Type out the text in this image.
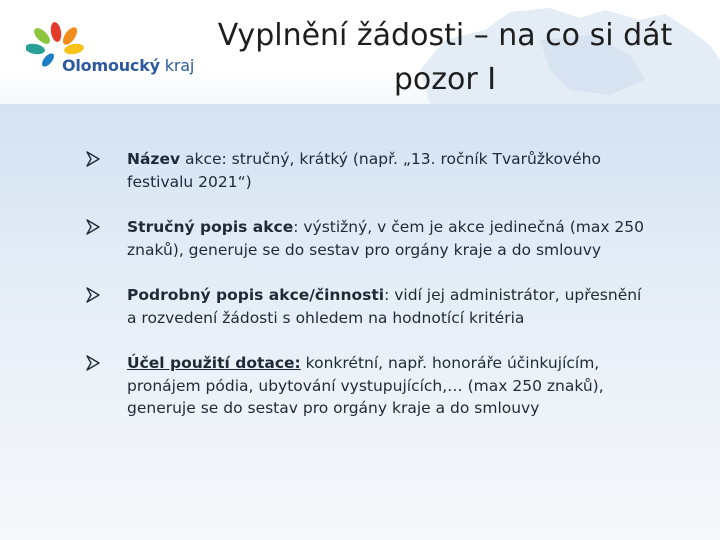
Olomoucký kraj
Vyplnění žádosti – na co si dát
pozor I
Název akce: stručný, krátký (např. „13. ročník Tvarůžkového festivalu 2021“)
Stručný popis akce: výstižný, v čem je akce jedinečná (max 250 znaků), generuje se do sestav pro orgány kraje a do smlouvy
Podrobný popis akce/činnosti: vidí jej administrátor, upřesnění a rozvedení žádosti s ohledem na hodnotící kritéria
Účel použití dotace: konkrétní, např. honoráře účinkujícím, pronájem pódia, ubytování vystupujících,… (max 250 znaků), generuje se do sestav pro orgány kraje a do smlouvy
